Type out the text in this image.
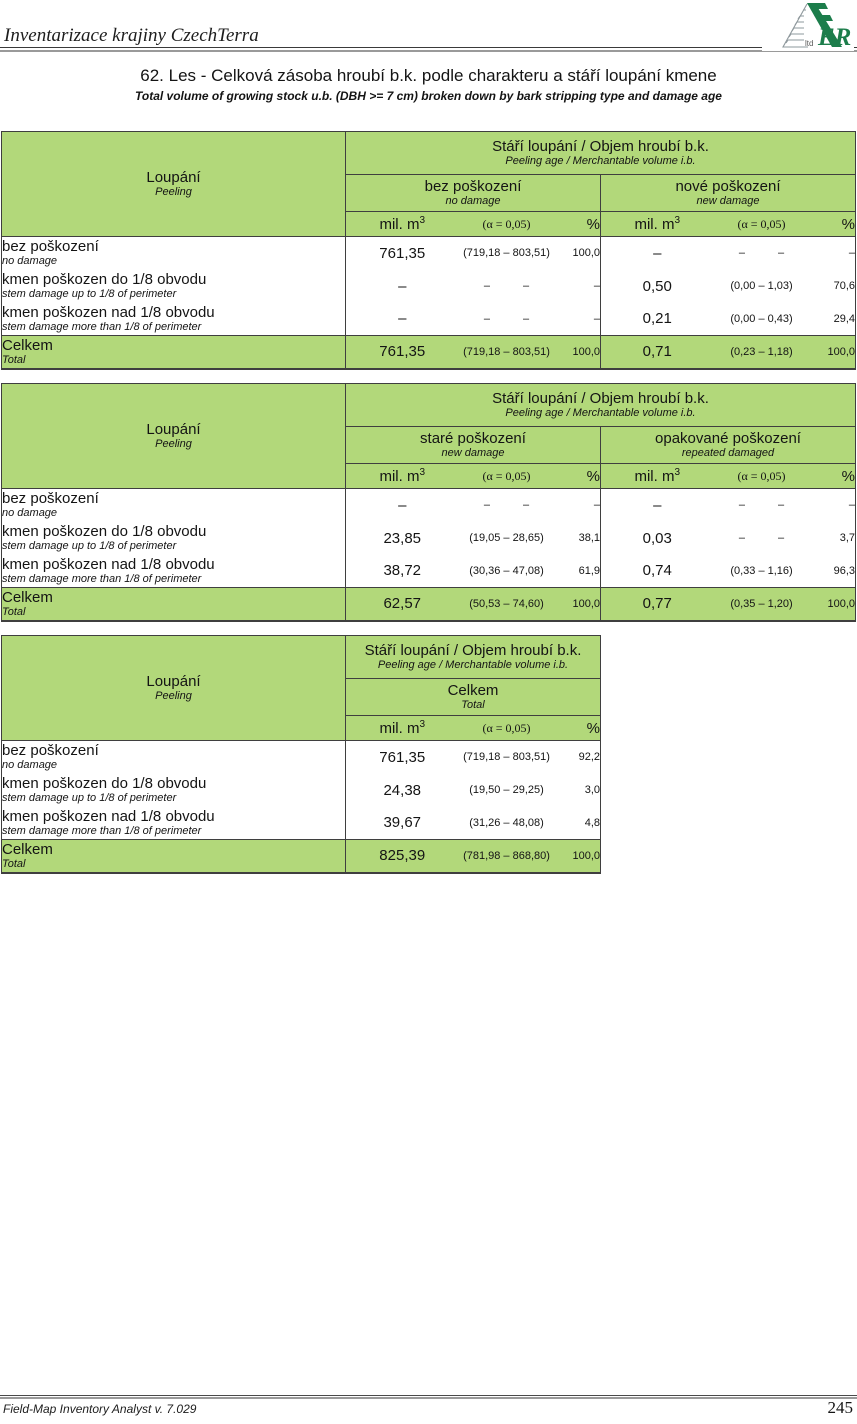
Inventarizace krajiny CzechTerra	ER
ltd
62. Les - Celková zásoba hroubí b.k. podle charakteru a stáří loupání kmene
Total volume of growing stock u.b. (DBH >= 7 cm) broken down by bark stripping type and damage age
Loupání
Peeling

Stáří loupání / Objem hroubí b.k.
Peeling age / Merchantable volume i.b.

bez poškození
no damage

nové poškození
new damage

	mil. $m^3$	(α = 0,05)	%	mil. $m^3$	(α = 0,05)	%

bez poškození
no damage	761,35	(719,18 – 803,51)	100,0	–	–   –	–

kmen poškozen do 1/8 obvodu
stem damage up to 1/8 of perimeter	–	–   –	–	0,50	(0,00 – 1,03)	70,6

kmen poškozen nad 1/8 obvodu
stem damage more than 1/8 of perimeter	–	–   –	–	0,21	(0,00 – 0,43)	29,4

Celkem
Total	761,35	(719,18 – 803,51)	100,0	0,71	(0,23 – 1,18)	100,0
Loupání
Peeling

Stáří loupání / Objem hroubí b.k.
Peeling age / Merchantable volume i.b.

staré poškození
new damage

opakované poškození
repeated damaged

	mil. $m^3$	(α = 0,05)	%	mil. $m^3$	(α = 0,05)	%

bez poškození
no damage	–	–   –	–	–	–   –	–

kmen poškozen do 1/8 obvodu
stem damage up to 1/8 of perimeter	23,85	(19,05 – 28,65)	38,1	0,03	–   –	3,7

kmen poškozen nad 1/8 obvodu
stem damage more than 1/8 of perimeter	38,72	(30,36 – 47,08)	61,9	0,74	(0,33 – 1,16)	96,3

Celkem
Total	62,57	(50,53 – 74,60)	100,0	0,77	(0,35 – 1,20)	100,0
Loupání
Peeling

Stáří loupání / Objem hroubí b.k.
Peeling age / Merchantable volume i.b.

	Celkem
Total		

	mil. $m^3$	(α = 0,05)	%

bez poškození
no damage	761,35	(719,18 – 803,51)	92,2

kmen poškozen do 1/8 obvodu
stem damage up to 1/8 of perimeter	24,38	(19,50 – 29,25)	3,0

kmen poškozen nad 1/8 obvodu
stem damage more than 1/8 of perimeter	39,67	(31,26 – 48,08)	4,8

Celkem
Total	825,39	(781,98 – 868,80)	100,0
Field-Map Inventory Analyst v. 7.029	245
